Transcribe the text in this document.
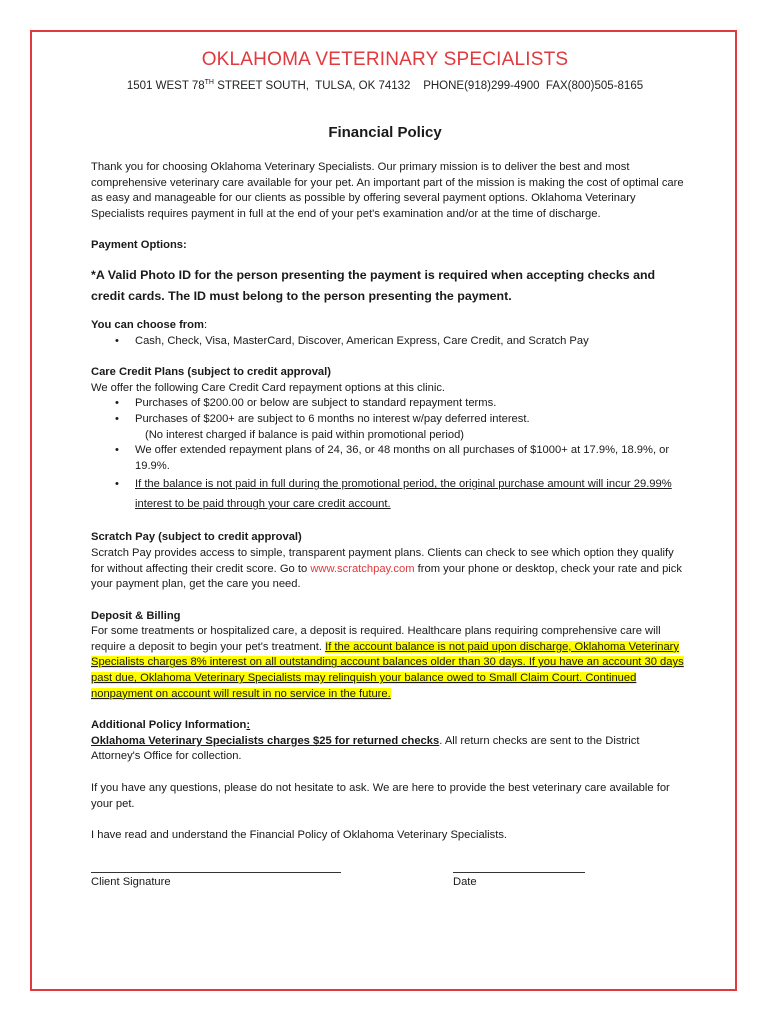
OKLAHOMA VETERINARY SPECIALISTS
1501 WEST 78TH STREET SOUTH,  TULSA, OK 74132    PHONE(918)299-4900  FAX(800)505-8165
Financial Policy

Thank you for choosing Oklahoma Veterinary Specialists. Our primary mission is to deliver the best and most comprehensive veterinary care available for your pet. An important part of the mission is making the cost of optimal care as easy and manageable for our clients as possible by offering several payment options. Oklahoma Veterinary Specialists requires payment in full at the end of your pet's examination and/or at the time of discharge.

Payment Options:

*A Valid Photo ID for the person presenting the payment is required when accepting checks and credit cards. The ID must belong to the person presenting the payment.

You can choose from:

• Cash, Check, Visa, MasterCard, Discover, American Express, Care Credit, and Scratch Pay

Care Credit Plans (subject to credit approval)

We offer the following Care Credit Card repayment options at this clinic.

• Purchases of $200.00 or below are subject to standard repayment terms.
• Purchases of $200+ are subject to 6 months no interest w/pay deferred interest.

(No interest charged if balance is paid within promotional period)

• We offer extended repayment plans of 24, 36, or 48 months on all purchases of $1000+ at 17.9%, 18.9%, or 19.9%.
• If the balance is not paid in full during the promotional period, the original purchase amount will incur 29.99% interest to be paid through your care credit account.

Scratch Pay (subject to credit approval)

Scratch Pay provides access to simple, transparent payment plans. Clients can check to see which option they qualify for without affecting their credit score. Go to www.scratchpay.com from your phone or desktop, check your rate and pick your payment plan, get the care you need.

Deposit & Billing

For some treatments or hospitalized care, a deposit is required. Healthcare plans requiring comprehensive care will require a deposit to begin your pet's treatment. If the account balance is not paid upon discharge, Oklahoma Veterinary Specialists charges 8% interest on all outstanding account balances older than 30 days. If you have an account 30 days past due, Oklahoma Veterinary Specialists may relinquish your balance owed to Small Claim Court. Continued nonpayment on account will result in no service in the future.

Additional Policy Information:

Oklahoma Veterinary Specialists charges $25 for returned checks. All return checks are sent to the District Attorney's Office for collection.

If you have any questions, please do not hesitate to ask. We are here to provide the best veterinary care available for your pet.

I have read and understand the Financial Policy of Oklahoma Veterinary Specialists.

Client Signature	Date
